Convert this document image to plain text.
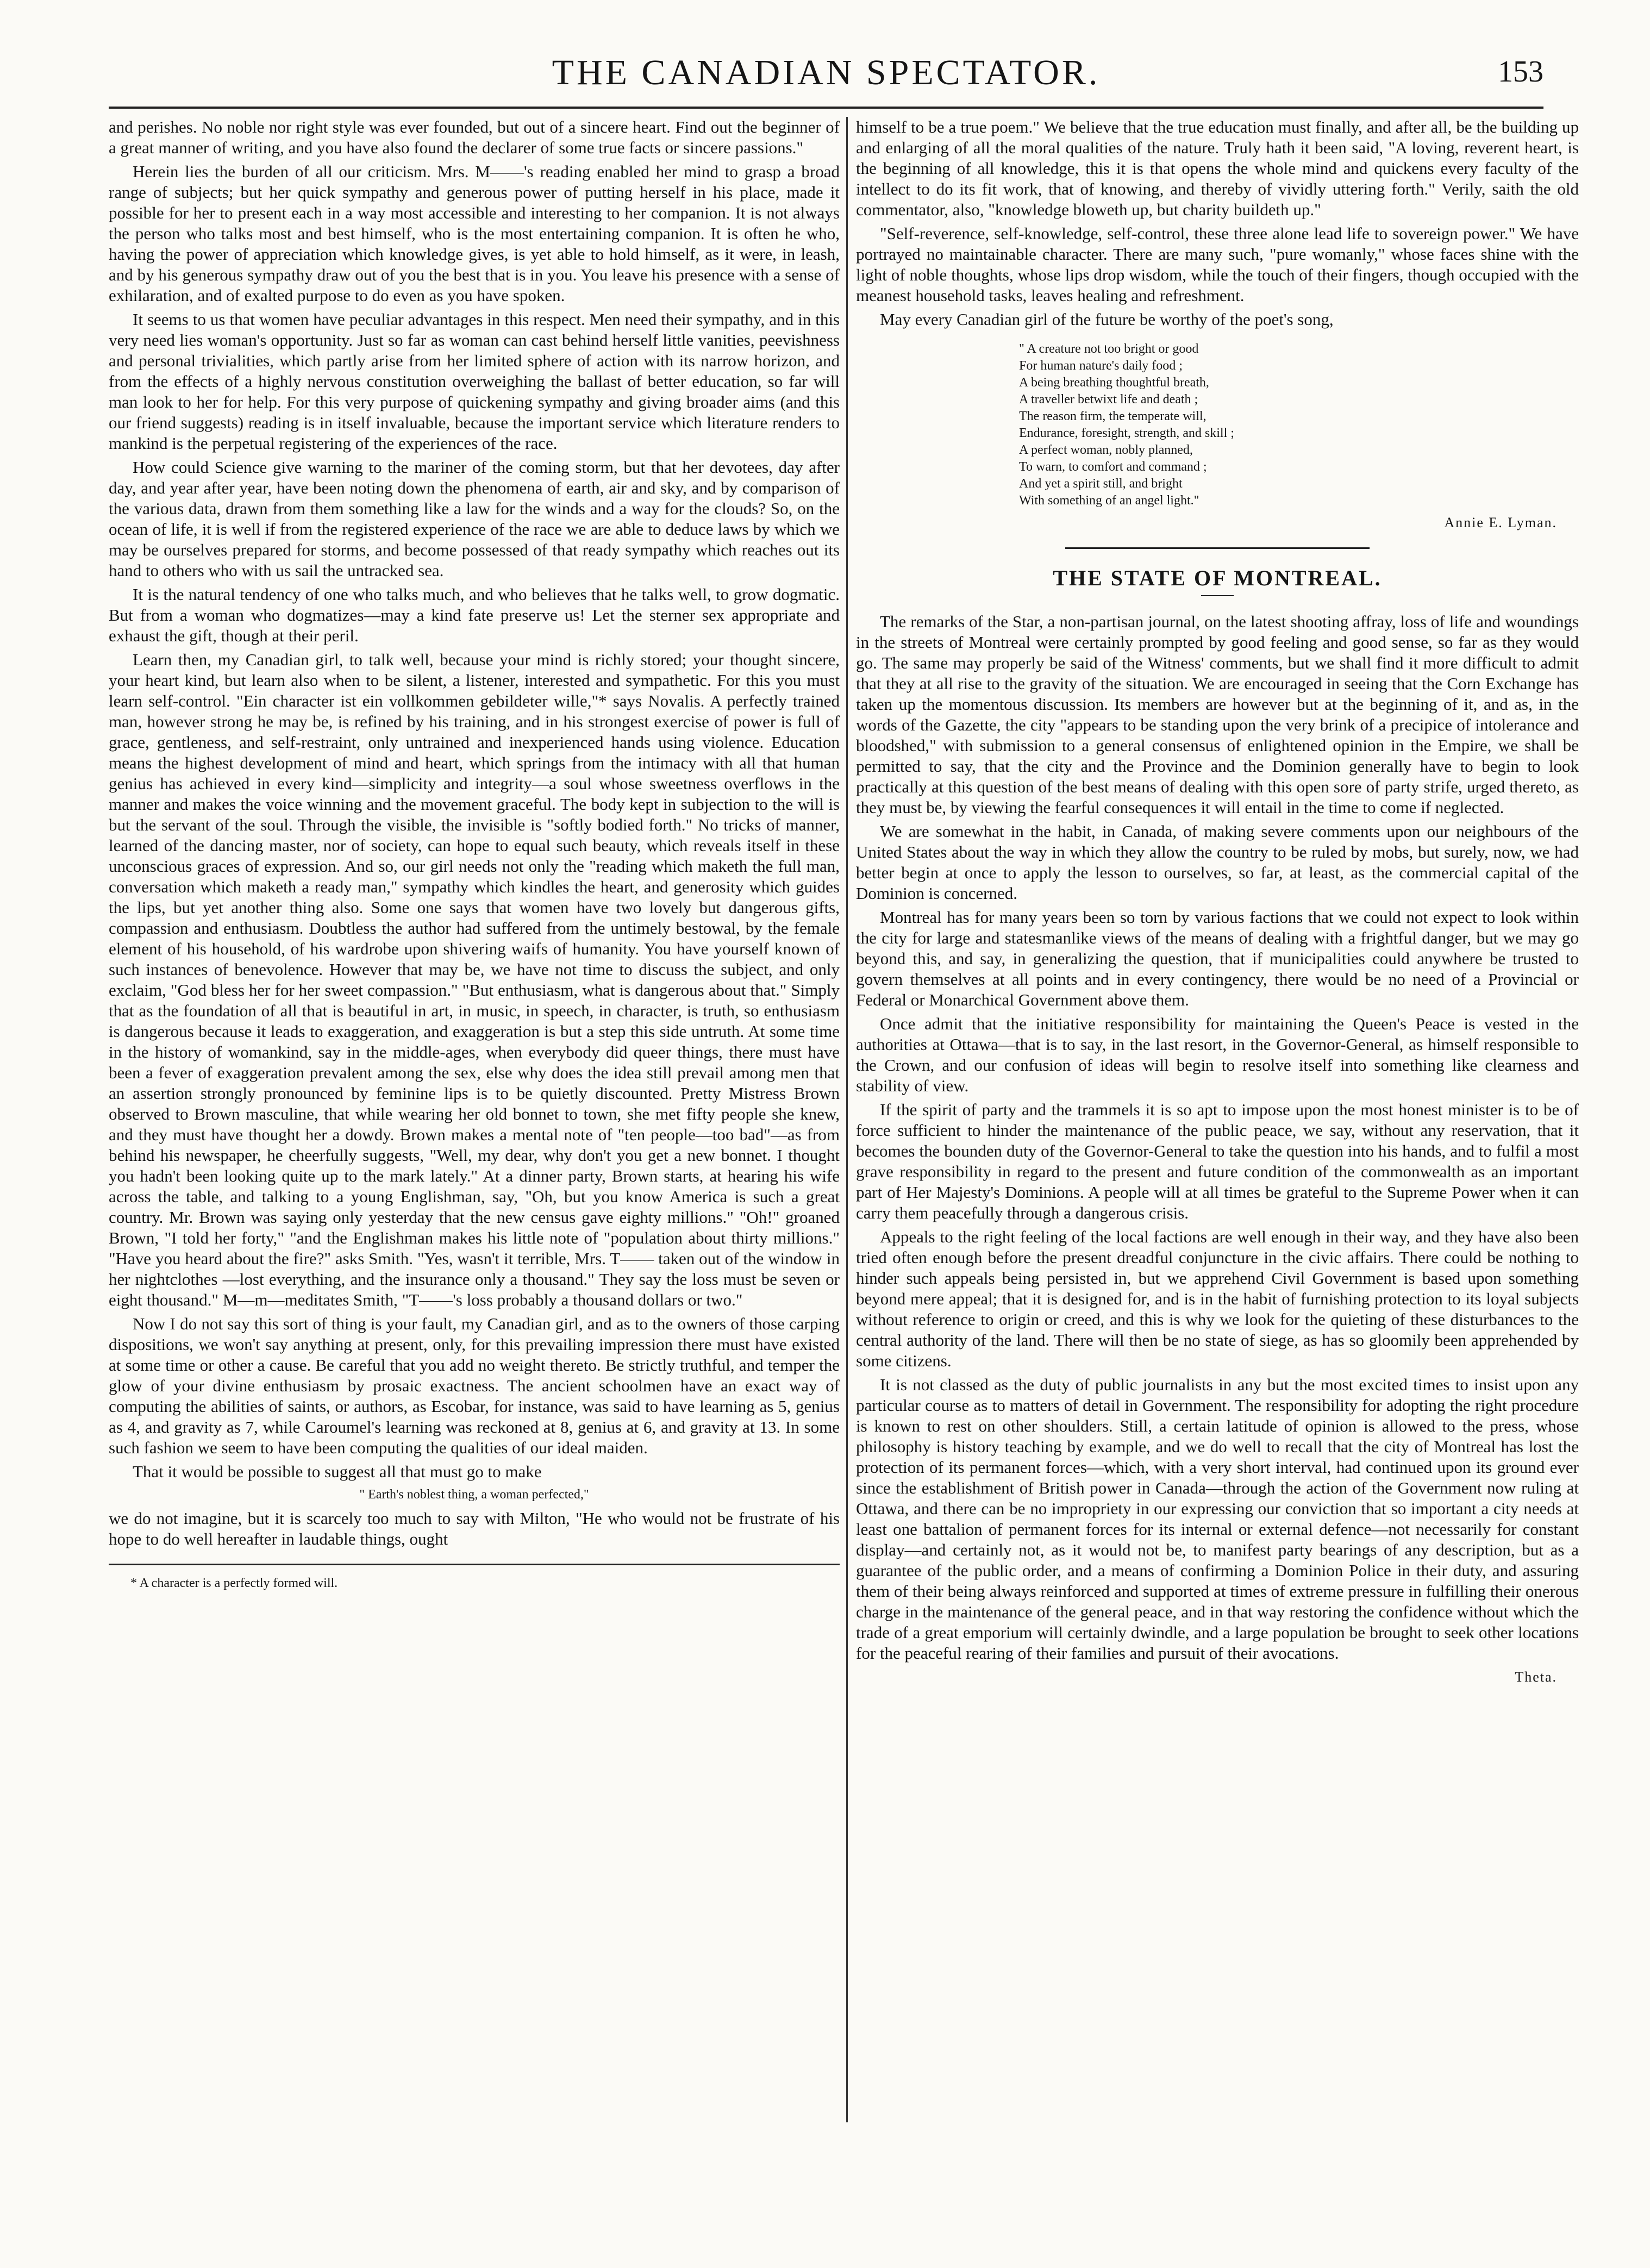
THE CANADIAN SPECTATOR.	153

and perishes. No noble nor right style was ever founded, but out of a sincere heart. Find out the beginner of a great manner of writing, and you have also found the declarer of some true facts or sincere passions."

Herein lies the burden of all our criticism. Mrs. M——'s reading enabled her mind to grasp a broad range of subjects; but her quick sympathy and generous power of putting herself in his place, made it possible for her to present each in a way most accessible and interesting to her companion. It is not always the person who talks most and best himself, who is the most entertaining companion. It is often he who, having the power of appreciation which knowledge gives, is yet able to hold himself, as it were, in leash, and by his generous sympathy draw out of you the best that is in you. You leave his presence with a sense of exhilaration, and of exalted purpose to do even as you have spoken.

It seems to us that women have peculiar advantages in this respect. Men need their sympathy, and in this very need lies woman's opportunity. Just so far as woman can cast behind herself little vanities, peevishness and personal trivialities, which partly arise from her limited sphere of action with its narrow horizon, and from the effects of a highly nervous constitution overweighing the ballast of better education, so far will man look to her for help. For this very purpose of quickening sympathy and giving broader aims (and this our friend suggests) reading is in itself invaluable, because the important service which literature renders to mankind is the perpetual registering of the experiences of the race.

How could Science give warning to the mariner of the coming storm, but that her devotees, day after day, and year after year, have been noting down the phenomena of earth, air and sky, and by comparison of the various data, drawn from them something like a law for the winds and a way for the clouds? So, on the ocean of life, it is well if from the registered experience of the race we are able to deduce laws by which we may be ourselves prepared for storms, and become possessed of that ready sympathy which reaches out its hand to others who with us sail the untracked sea.

It is the natural tendency of one who talks much, and who believes that he talks well, to grow dogmatic. But from a woman who dogmatizes—may a kind fate preserve us! Let the sterner sex appropriate and exhaust the gift, though at their peril.

Learn then, my Canadian girl, to talk well, because your mind is richly stored; your thought sincere, your heart kind, but learn also when to be silent, a listener, interested and sympathetic. For this you must learn self-control. "Ein character ist ein vollkommen gebildeter wille,"* says Novalis. A perfectly trained man, however strong he may be, is refined by his training, and in his strongest exercise of power is full of grace, gentleness, and self-restraint, only untrained and inexperienced hands using violence. Education means the highest development of mind and heart, which springs from the intimacy with all that human genius has achieved in every kind—simplicity and integrity—a soul whose sweetness overflows in the manner and makes the voice winning and the movement graceful. The body kept in subjection to the will is but the servant of the soul. Through the visible, the invisible is "softly bodied forth." No tricks of manner, learned of the dancing master, nor of society, can hope to equal such beauty, which reveals itself in these unconscious graces of expression. And so, our girl needs not only the "reading which maketh the full man, conversation which maketh a ready man," sympathy which kindles the heart, and generosity which guides the lips, but yet another thing also. Some one says that women have two lovely but dangerous gifts, compassion and enthusiasm. Doubtless the author had suffered from the untimely bestowal, by the female element of his household, of his wardrobe upon shivering waifs of humanity. You have yourself known of such instances of benevolence. However that may be, we have not time to discuss the subject, and only exclaim, "God bless her for her sweet compassion." "But enthusiasm, what is dangerous about that." Simply that as the foundation of all that is beautiful in art, in music, in speech, in character, is truth, so enthusiasm is dangerous because it leads to exaggeration, and exaggeration is but a step this side untruth. At some time in the history of womankind, say in the middle-ages, when everybody did queer things, there must have been a fever of exaggeration prevalent among the sex, else why does the idea still prevail among men that an assertion strongly pronounced by feminine lips is to be quietly discounted. Pretty Mistress Brown observed to Brown masculine, that while wearing her old bonnet to town, she met fifty people she knew, and they must have thought her a dowdy. Brown makes a mental note of "ten people—too bad"—as from behind his newspaper, he cheerfully suggests, "Well, my dear, why don't you get a new bonnet. I thought you hadn't been looking quite up to the mark lately." At a dinner party, Brown starts, at hearing his wife across the table, and talking to a young Englishman, say, "Oh, but you know America is such a great country. Mr. Brown was saying only yesterday that the new census gave eighty millions." "Oh!" groaned Brown, "I told her forty," "and the Englishman makes his little note of "population about thirty millions." "Have you heard about the fire?" asks Smith. "Yes, wasn't it terrible, Mrs. T—— taken out of the window in her nightclothes —lost everything, and the insurance only a thousand." They say the loss must be seven or eight thousand." M—m—meditates Smith, "T——'s loss probably a thousand dollars or two."

Now I do not say this sort of thing is your fault, my Canadian girl, and as to the owners of those carping dispositions, we won't say anything at present, only, for this prevailing impression there must have existed at some time or other a cause. Be careful that you add no weight thereto. Be strictly truthful, and temper the glow of your divine enthusiasm by prosaic exactness. The ancient schoolmen have an exact way of computing the abilities of saints, or authors, as Escobar, for instance, was said to have learning as 5, genius as 4, and gravity as 7, while Caroumel's learning was reckoned at 8, genius at 6, and gravity at 13. In some such fashion we seem to have been computing the qualities of our ideal maiden.

That it would be possible to suggest all that must go to make

" Earth's noblest thing, a woman perfected,"

we do not imagine, but it is scarcely too much to say with Milton, "He who would not be frustrate of his hope to do well hereafter in laudable things, ought

* A character is a perfectly formed will.

himself to be a true poem." We believe that the true education must finally, and after all, be the building up and enlarging of all the moral qualities of the nature. Truly hath it been said, "A loving, reverent heart, is the beginning of all knowledge, this it is that opens the whole mind and quickens every faculty of the intellect to do its fit work, that of knowing, and thereby of vividly uttering forth." Verily, saith the old commentator, also, "knowledge bloweth up, but charity buildeth up."

"Self-reverence, self-knowledge, self-control, these three alone lead life to sovereign power." We have portrayed no maintainable character. There are many such, "pure womanly," whose faces shine with the light of noble thoughts, whose lips drop wisdom, while the touch of their fingers, though occupied with the meanest household tasks, leaves healing and refreshment.

May every Canadian girl of the future be worthy of the poet's song,

" A creature not too bright or good
For human nature's daily food ;
A being breathing thoughtful breath,
A traveller betwixt life and death ;
The reason firm, the temperate will,
Endurance, foresight, strength, and skill ;
A perfect woman, nobly planned,
To warn, to comfort and command ;
And yet a spirit still, and bright
With something of an angel light."
Annie E. Lyman.
THE STATE OF MONTREAL.

The remarks of the Star, a non-partisan journal, on the latest shooting affray, loss of life and woundings in the streets of Montreal were certainly prompted by good feeling and good sense, so far as they would go. The same may properly be said of the Witness' comments, but we shall find it more difficult to admit that they at all rise to the gravity of the situation. We are encouraged in seeing that the Corn Exchange has taken up the momentous discussion. Its members are however but at the beginning of it, and as, in the words of the Gazette, the city "appears to be standing upon the very brink of a precipice of intolerance and bloodshed," with submission to a general consensus of enlightened opinion in the Empire, we shall be permitted to say, that the city and the Province and the Dominion generally have to begin to look practically at this question of the best means of dealing with this open sore of party strife, urged thereto, as they must be, by viewing the fearful consequences it will entail in the time to come if neglected.

We are somewhat in the habit, in Canada, of making severe comments upon our neighbours of the United States about the way in which they allow the country to be ruled by mobs, but surely, now, we had better begin at once to apply the lesson to ourselves, so far, at least, as the commercial capital of the Dominion is concerned.

Montreal has for many years been so torn by various factions that we could not expect to look within the city for large and statesmanlike views of the means of dealing with a frightful danger, but we may go beyond this, and say, in generalizing the question, that if municipalities could anywhere be trusted to govern themselves at all points and in every contingency, there would be no need of a Provincial or Federal or Monarchical Government above them.

Once admit that the initiative responsibility for maintaining the Queen's Peace is vested in the authorities at Ottawa—that is to say, in the last resort, in the Governor-General, as himself responsible to the Crown, and our confusion of ideas will begin to resolve itself into something like clearness and stability of view.

If the spirit of party and the trammels it is so apt to impose upon the most honest minister is to be of force sufficient to hinder the maintenance of the public peace, we say, without any reservation, that it becomes the bounden duty of the Governor-General to take the question into his hands, and to fulfil a most grave responsibility in regard to the present and future condition of the commonwealth as an important part of Her Majesty's Dominions. A people will at all times be grateful to the Supreme Power when it can carry them peacefully through a dangerous crisis.

Appeals to the right feeling of the local factions are well enough in their way, and they have also been tried often enough before the present dreadful conjuncture in the civic affairs. There could be nothing to hinder such appeals being persisted in, but we apprehend Civil Government is based upon something beyond mere appeal; that it is designed for, and is in the habit of furnishing protection to its loyal subjects without reference to origin or creed, and this is why we look for the quieting of these disturbances to the central authority of the land. There will then be no state of siege, as has so gloomily been apprehended by some citizens.

It is not classed as the duty of public journalists in any but the most excited times to insist upon any particular course as to matters of detail in Government. The responsibility for adopting the right procedure is known to rest on other shoulders. Still, a certain latitude of opinion is allowed to the press, whose philosophy is history teaching by example, and we do well to recall that the city of Montreal has lost the protection of its permanent forces—which, with a very short interval, had continued upon its ground ever since the establishment of British power in Canada—through the action of the Government now ruling at Ottawa, and there can be no impropriety in our expressing our conviction that so important a city needs at least one battalion of permanent forces for its internal or external defence—not necessarily for constant display—and certainly not, as it would not be, to manifest party bearings of any description, but as a guarantee of the public order, and a means of confirming a Dominion Police in their duty, and assuring them of their being always reinforced and supported at times of extreme pressure in fulfilling their onerous charge in the maintenance of the general peace, and in that way restoring the confidence without which the trade of a great emporium will certainly dwindle, and a large population be brought to seek other locations for the peaceful rearing of their families and pursuit of their avocations.

Theta.
